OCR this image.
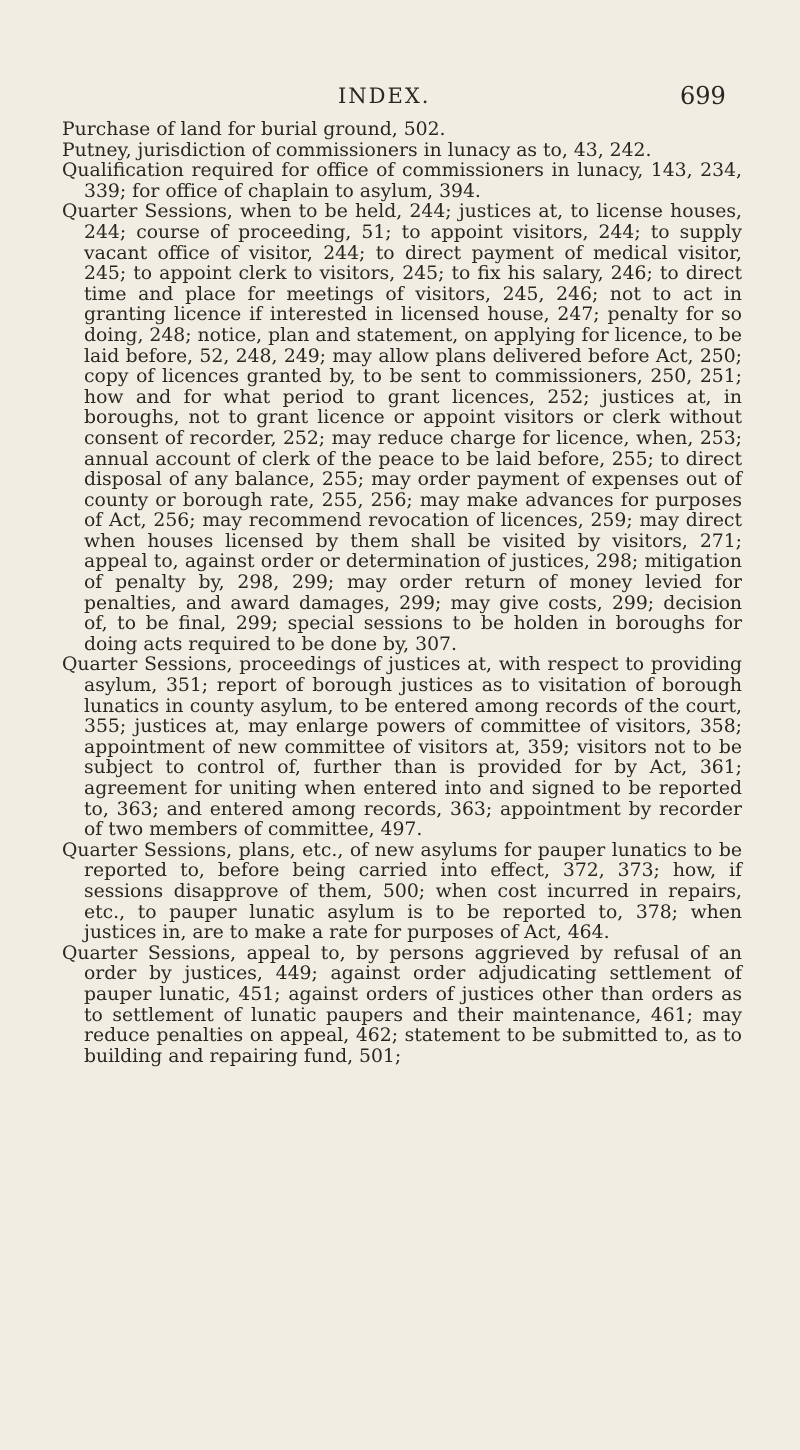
INDEX.	699

Purchase of land for burial ground, 502.

Putney, jurisdiction of commissioners in lunacy as to, 43, 242.

Qualification required for office of commissioners in lunacy, 143, 234, 339; for office of chaplain to asylum, 394.

Quarter Sessions, when to be held, 244; justices at, to license houses, 244; course of proceeding, 51; to appoint visitors, 244; to supply vacant office of visitor, 244; to direct payment of medical visitor, 245; to appoint clerk to visitors, 245; to fix his salary, 246; to direct time and place for meetings of visitors, 245, 246; not to act in granting licence if interested in licensed house, 247; penalty for so doing, 248; notice, plan and statement, on applying for licence, to be laid before, 52, 248, 249; may allow plans delivered before Act, 250; copy of licences granted by, to be sent to commissioners, 250, 251; how and for what period to grant licences, 252; justices at, in boroughs, not to grant licence or appoint visitors or clerk without consent of recorder, 252; may reduce charge for licence, when, 253; annual account of clerk of the peace to be laid before, 255; to direct disposal of any balance, 255; may order payment of expenses out of county or borough rate, 255, 256; may make advances for purposes of Act, 256; may recommend revocation of licences, 259; may direct when houses licensed by them shall be visited by visitors, 271; appeal to, against order or determination of justices, 298; mitigation of penalty by, 298, 299; may order return of money levied for penalties, and award damages, 299; may give costs, 299; decision of, to be final, 299; special sessions to be holden in boroughs for doing acts required to be done by, 307.

Quarter Sessions, proceedings of justices at, with respect to providing asylum, 351; report of borough justices as to visitation of borough lunatics in county asylum, to be entered among records of the court, 355; justices at, may enlarge powers of committee of visitors, 358; appointment of new committee of visitors at, 359; visitors not to be subject to control of, further than is provided for by Act, 361; agreement for uniting when entered into and signed to be reported to, 363; and entered among records, 363; appointment by recorder of two members of committee, 497.

Quarter Sessions, plans, etc., of new asylums for pauper lunatics to be reported to, before being carried into effect, 372, 373; how, if sessions disapprove of them, 500; when cost incurred in repairs, etc., to pauper lunatic asylum is to be reported to, 378; when justices in, are to make a rate for purposes of Act, 464.

Quarter Sessions, appeal to, by persons aggrieved by refusal of an order by justices, 449; against order adjudicating settlement of pauper lunatic, 451; against orders of justices other than orders as to settlement of lunatic paupers and their maintenance, 461; may reduce penalties on appeal, 462; statement to be submitted to, as to building and repairing fund, 501;
